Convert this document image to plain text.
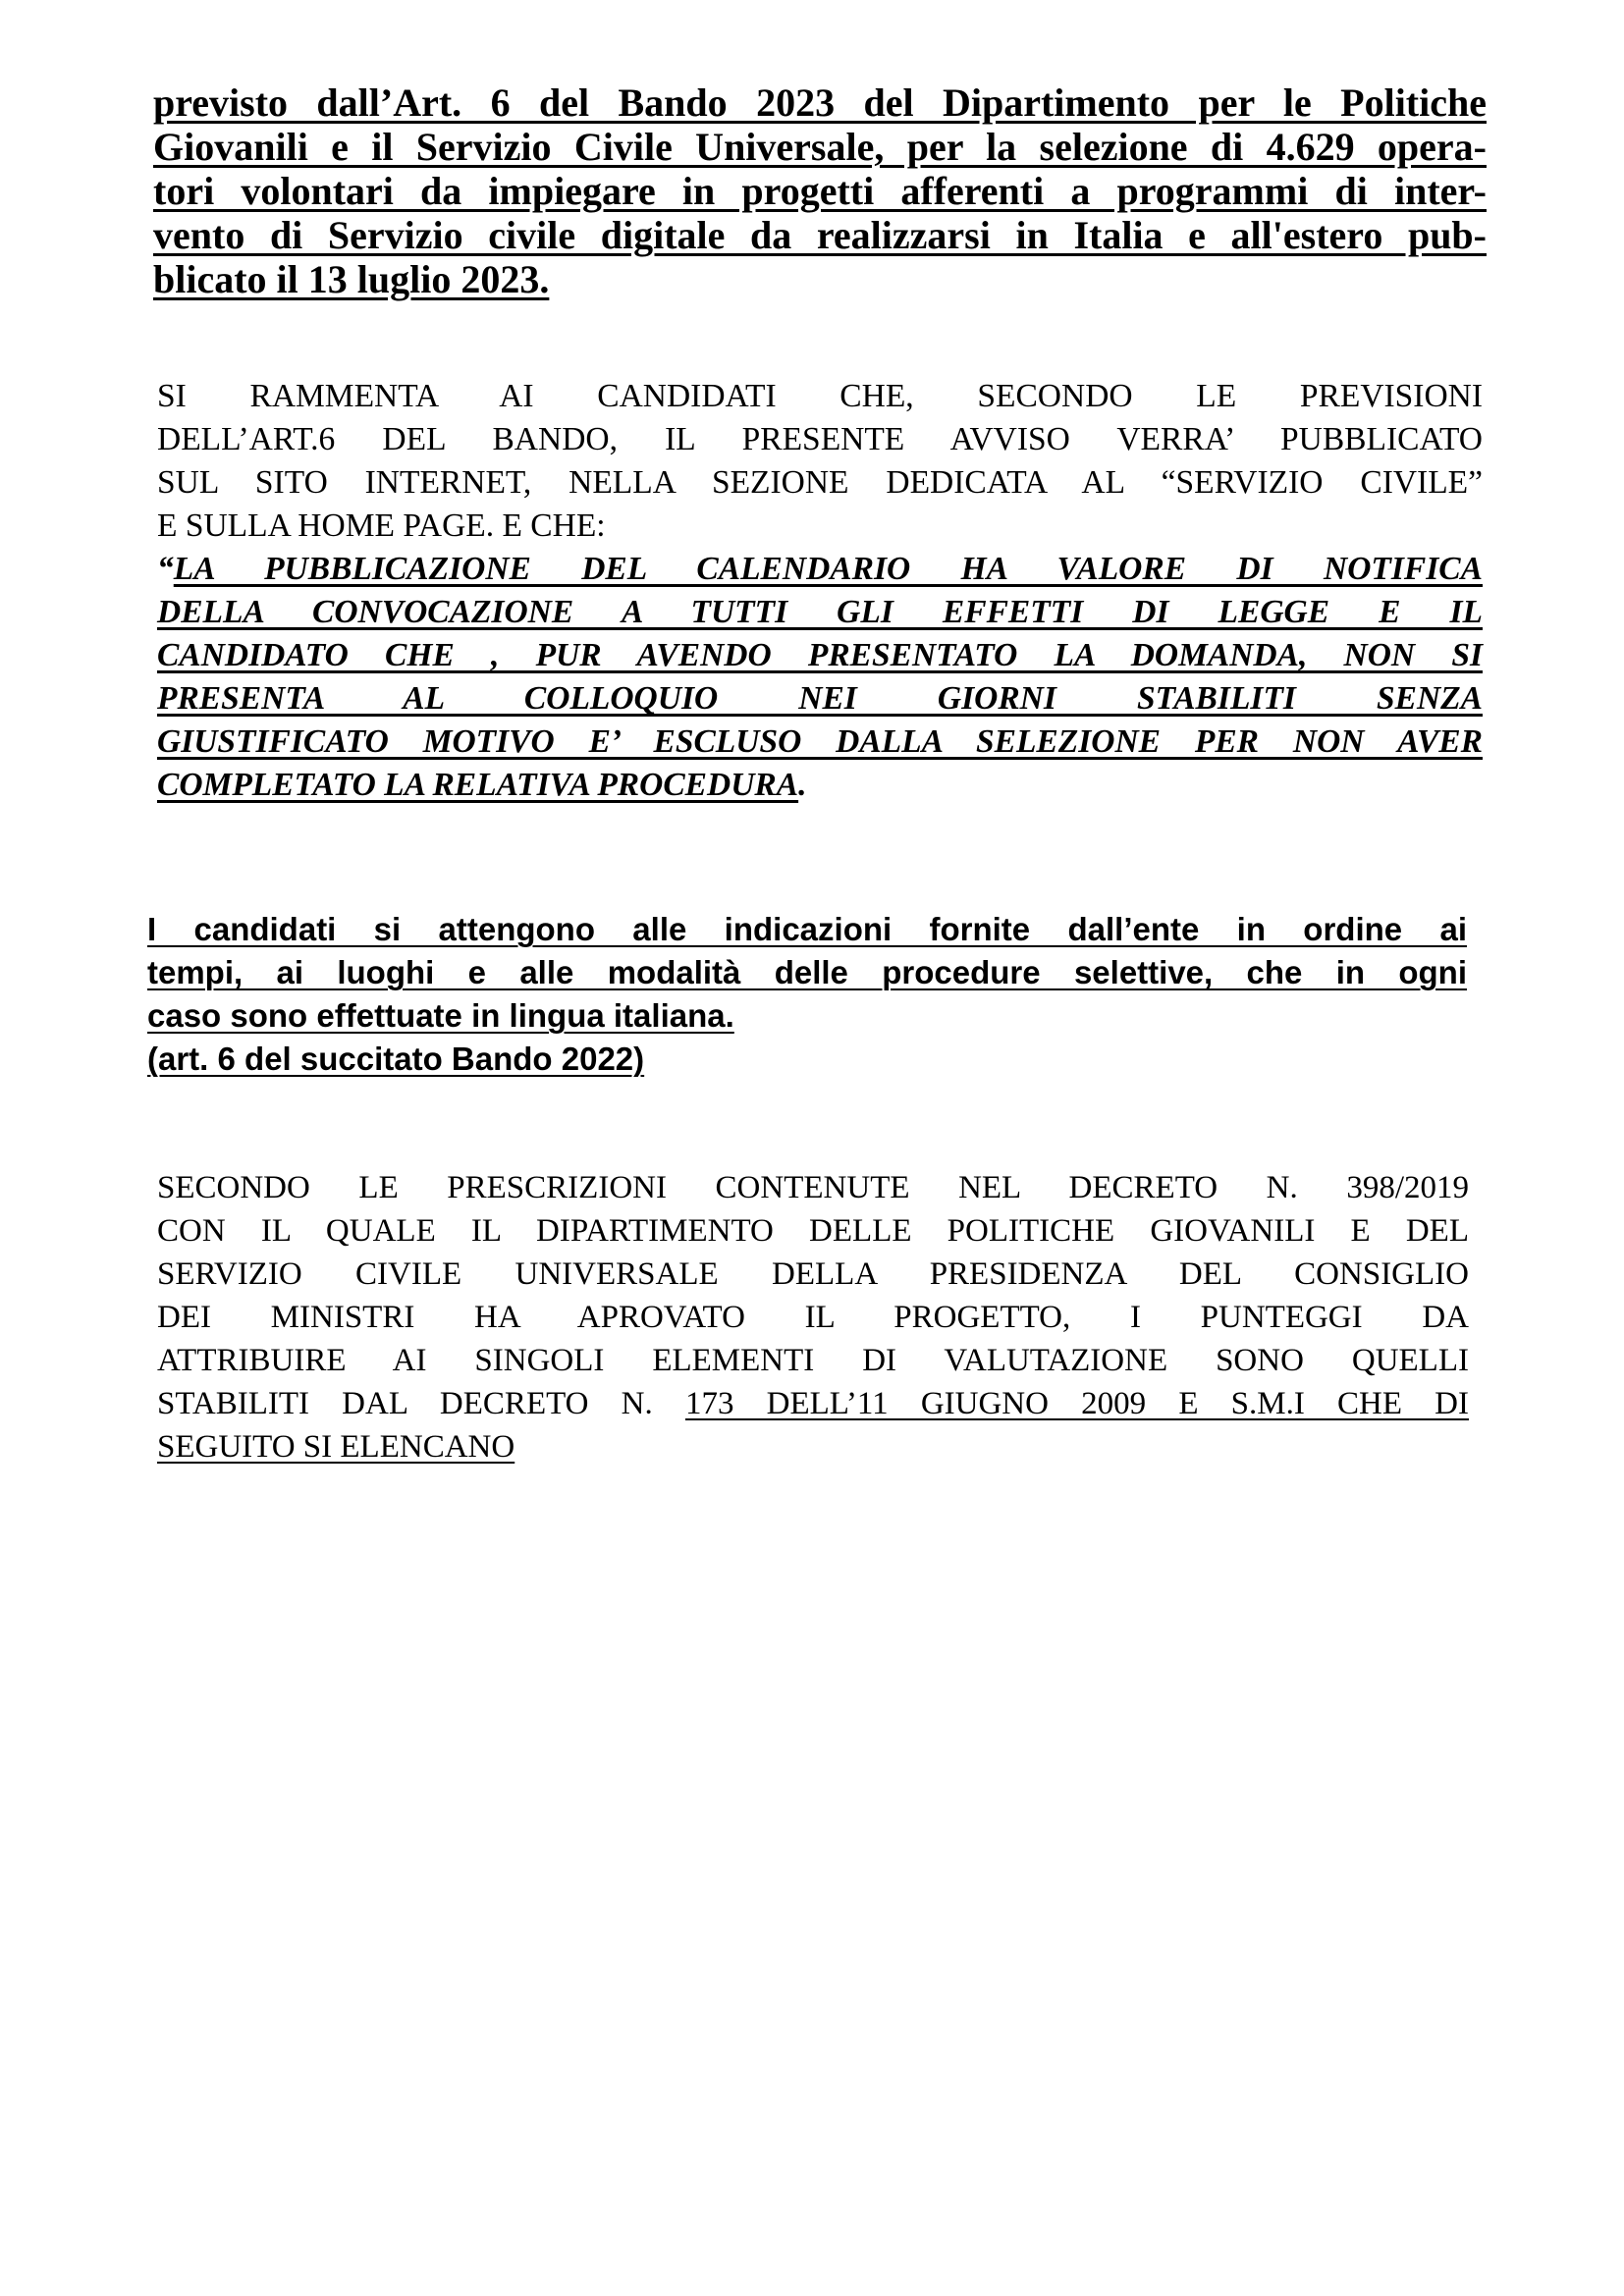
previsto dall’Art. 6 del Bando 2023 del Dipartimento per le Politiche
Giovanili e il Servizio Civile Universale, per la selezione di 4.629 opera-
tori volontari da impiegare in progetti afferenti a programmi di inter-
vento di Servizio civile digitale da realizzarsi in Italia e all'estero pub-
blicato il 13 luglio 2023.
SI RAMMENTA AI CANDIDATI CHE, SECONDO LE PREVISIONI
DELL’ART.6 DEL BANDO, IL PRESENTE AVVISO VERRA’ PUBBLICATO
SUL SITO INTERNET, NELLA SEZIONE DEDICATA AL “SERVIZIO CIVILE”
E SULLA HOME PAGE. E CHE:
“LA PUBBLICAZIONE DEL CALENDARIO HA VALORE DI NOTIFICA
DELLA CONVOCAZIONE A TUTTI GLI EFFETTI DI LEGGE E IL
CANDIDATO CHE , PUR AVENDO PRESENTATO LA DOMANDA, NON SI
PRESENTA AL COLLOQUIO NEI GIORNI STABILITI SENZA
GIUSTIFICATO MOTIVO E’ ESCLUSO DALLA SELEZIONE PER NON AVER
COMPLETATO LA RELATIVA PROCEDURA.
I candidati si attengono alle indicazioni fornite dall’ente in ordine ai
tempi, ai luoghi e alle modalità delle procedure selettive, che in ogni
caso sono effettuate in lingua italiana.
(art. 6 del succitato Bando 2022)
SECONDO LE PRESCRIZIONI CONTENUTE NEL DECRETO N. 398/2019
CON IL QUALE IL DIPARTIMENTO DELLE POLITICHE GIOVANILI E DEL
SERVIZIO CIVILE UNIVERSALE DELLA PRESIDENZA DEL CONSIGLIO
DEI MINISTRI HA APROVATO IL PROGETTO, I PUNTEGGI DA
ATTRIBUIRE AI SINGOLI ELEMENTI DI VALUTAZIONE SONO QUELLI
STABILITI DAL DECRETO N. 173 DELL’11 GIUGNO 2009 E S.M.I CHE DI
SEGUITO SI ELENCANO
